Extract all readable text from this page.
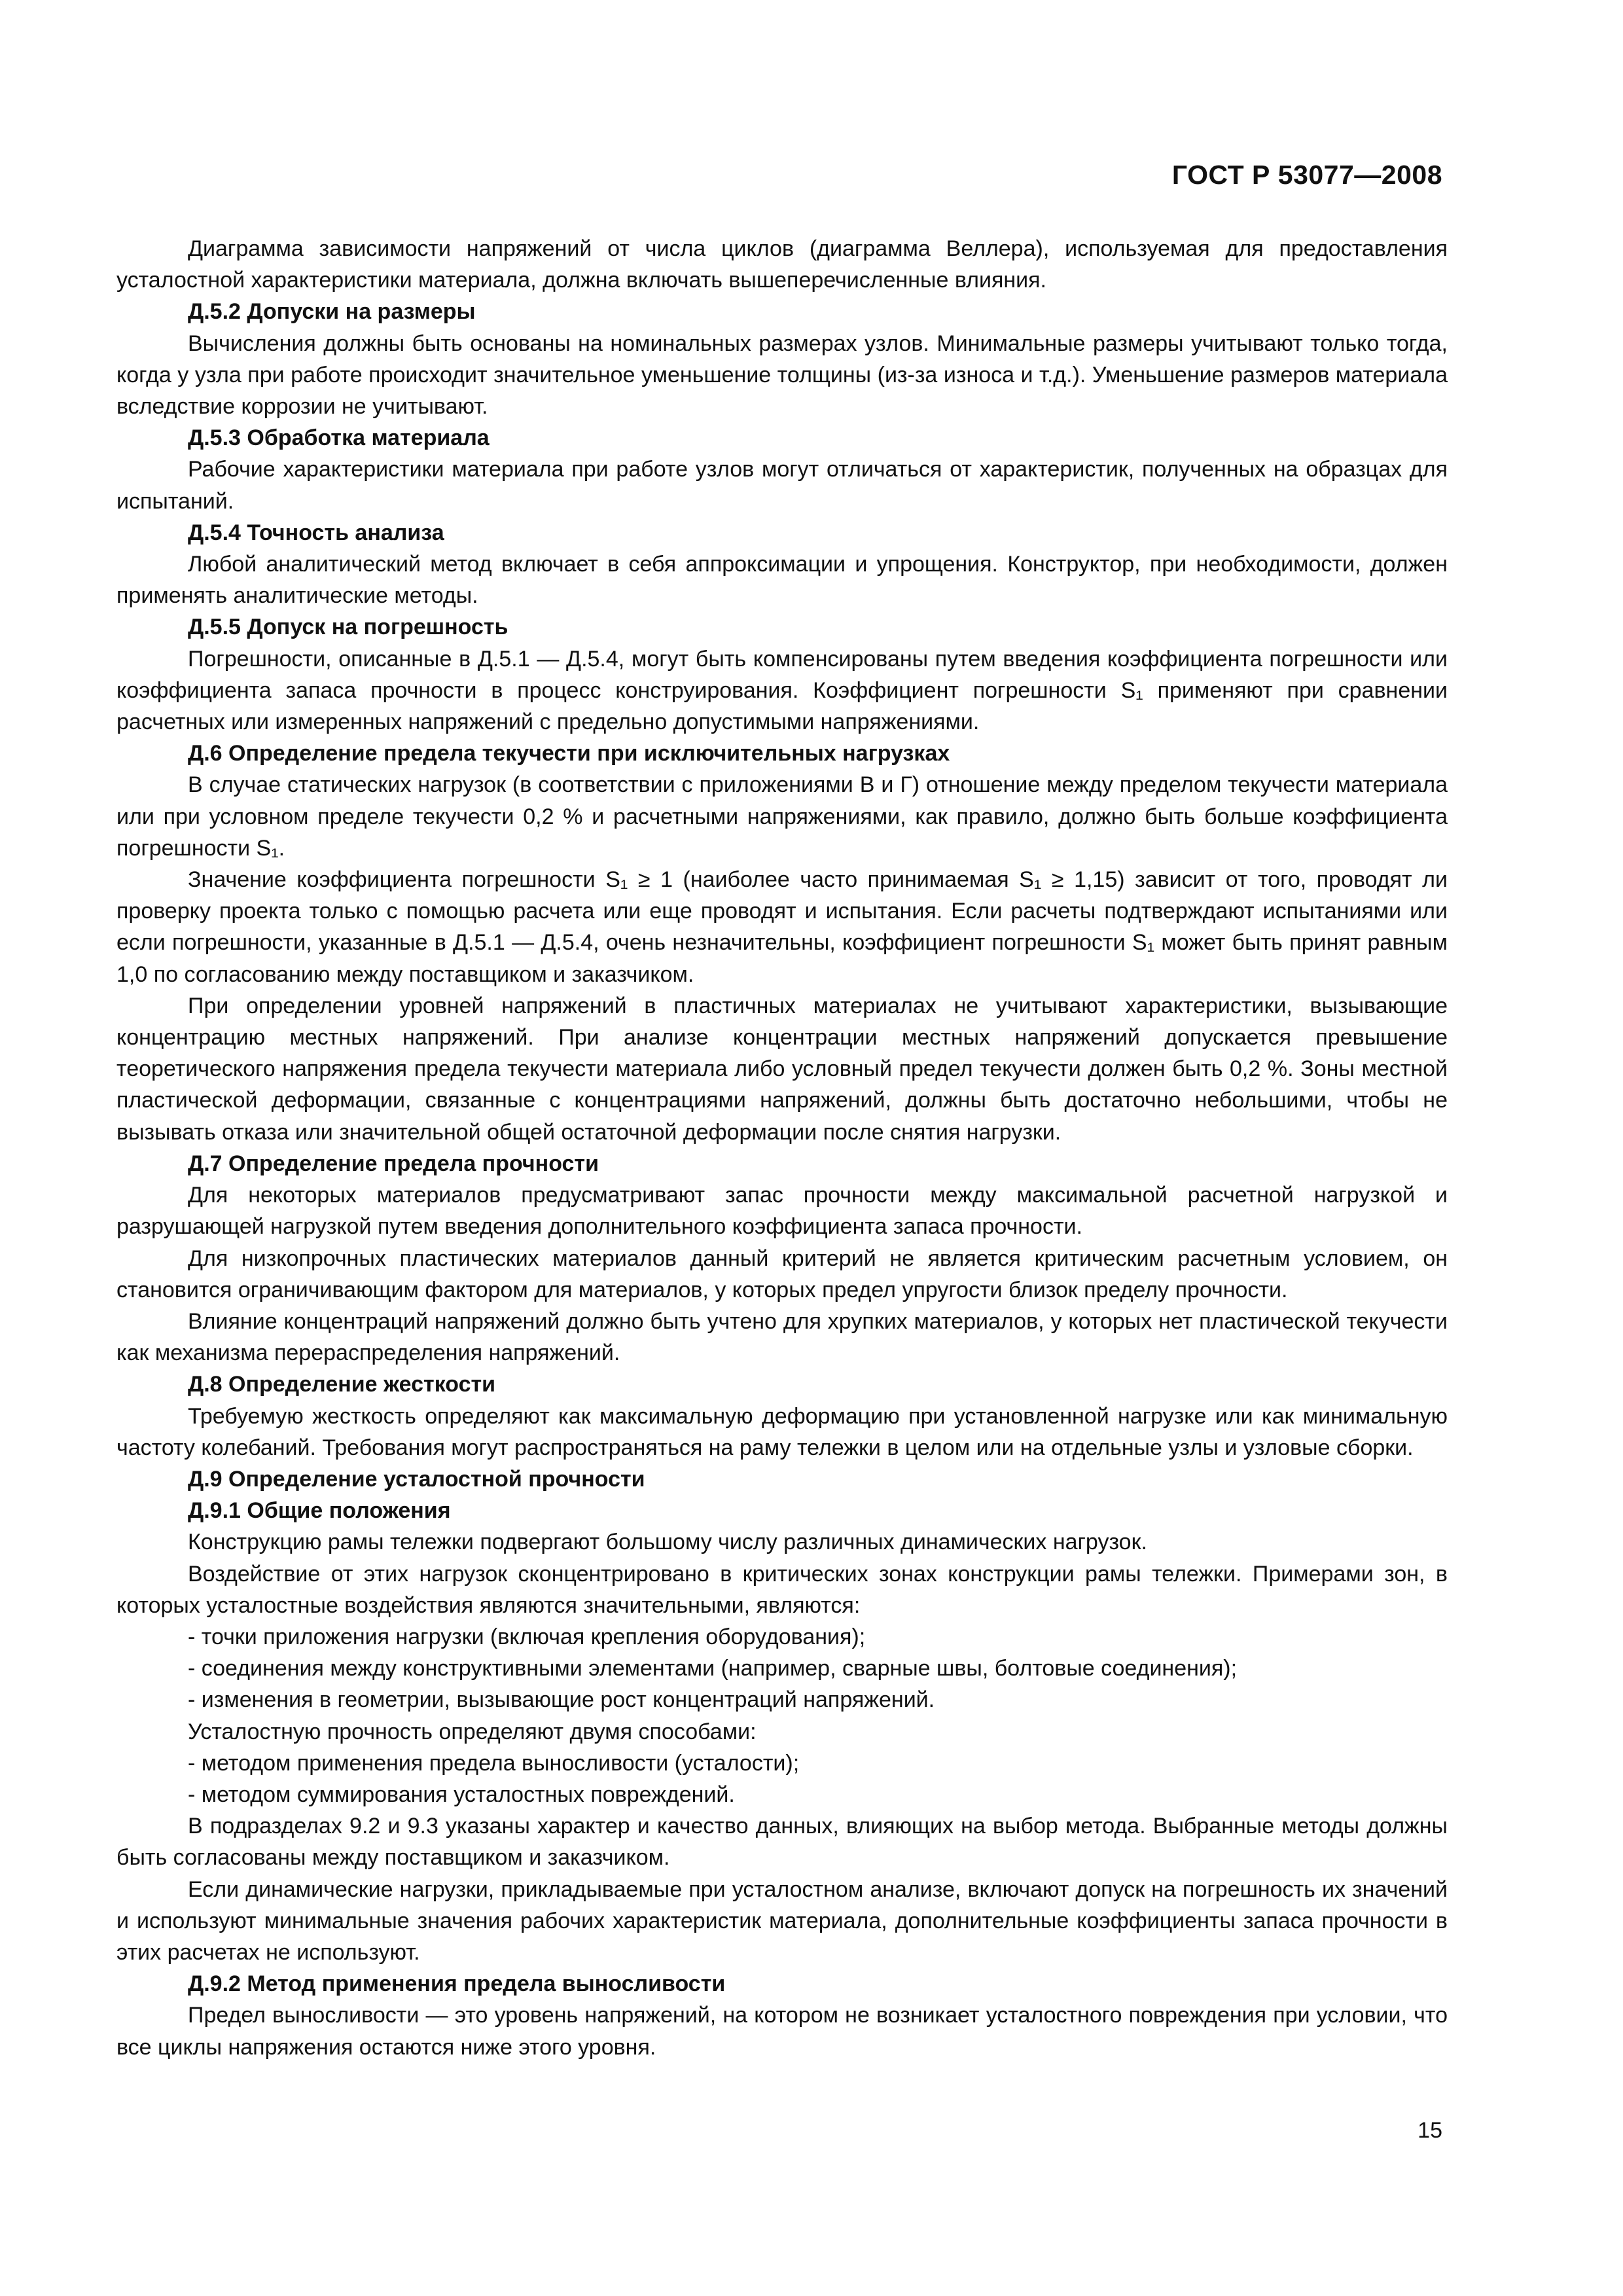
ГОСТ Р 53077—2008

Диаграмма зависимости напряжений от числа циклов (диаграмма Веллера), используемая для предоставления усталостной характеристики материала, должна включать вышеперечисленные влияния.

Д.5.2 Допуски на размеры

Вычисления должны быть основаны на номинальных размерах узлов. Минимальные размеры учитывают только тогда, когда у узла при работе происходит значительное уменьшение толщины (из-за износа и т.д.). Уменьшение размеров материала вследствие коррозии не учитывают.

Д.5.3 Обработка материала

Рабочие характеристики материала при работе узлов могут отличаться от характеристик, полученных на образцах для испытаний.

Д.5.4 Точность анализа

Любой аналитический метод включает в себя аппроксимации и упрощения. Конструктор, при необходимости, должен применять аналитические методы.

Д.5.5 Допуск на погрешность

Погрешности, описанные в Д.5.1 — Д.5.4, могут быть компенсированы путем введения коэффициента погрешности или коэффициента запаса прочности в процесс конструирования. Коэффициент погрешности S₁ применяют при сравнении расчетных или измеренных напряжений с предельно допустимыми напряжениями.

Д.6 Определение предела текучести при исключительных нагрузках

В случае статических нагрузок (в соответствии с приложениями В и Г) отношение между пределом текучести материала или при условном пределе текучести 0,2 % и расчетными напряжениями, как правило, должно быть больше коэффициента погрешности S₁.

Значение коэффициента погрешности S₁ ≥ 1 (наиболее часто принимаемая S₁ ≥ 1,15) зависит от того, проводят ли проверку проекта только с помощью расчета или еще проводят и испытания. Если расчеты подтверждают испытаниями или если погрешности, указанные в Д.5.1 — Д.5.4, очень незначительны, коэффициент погрешности S₁ может быть принят равным 1,0 по согласованию между поставщиком и заказчиком.

При определении уровней напряжений в пластичных материалах не учитывают характеристики, вызывающие концентрацию местных напряжений. При анализе концентрации местных напряжений допускается превышение теоретического напряжения предела текучести материала либо условный предел текучести должен быть 0,2 %. Зоны местной пластической деформации, связанные с концентрациями напряжений, должны быть достаточно небольшими, чтобы не вызывать отказа или значительной общей остаточной деформации после снятия нагрузки.

Д.7 Определение предела прочности

Для некоторых материалов предусматривают запас прочности между максимальной расчетной нагрузкой и разрушающей нагрузкой путем введения дополнительного коэффициента запаса прочности.

Для низкопрочных пластических материалов данный критерий не является критическим расчетным условием, он становится ограничивающим фактором для материалов, у которых предел упругости близок пределу прочности.

Влияние концентраций напряжений должно быть учтено для хрупких материалов, у которых нет пластической текучести как механизма перераспределения напряжений.

Д.8 Определение жесткости

Требуемую жесткость определяют как максимальную деформацию при установленной нагрузке или как минимальную частоту колебаний. Требования могут распространяться на раму тележки в целом или на отдельные узлы и узловые сборки.

Д.9 Определение усталостной прочности

Д.9.1 Общие положения

Конструкцию рамы тележки подвергают большому числу различных динамических нагрузок.

Воздействие от этих нагрузок сконцентрировано в критических зонах конструкции рамы тележки. Примерами зон, в которых усталостные воздействия являются значительными, являются:

- точки приложения нагрузки (включая крепления оборудования);

- соединения между конструктивными элементами (например, сварные швы, болтовые соединения);

- изменения в геометрии, вызывающие рост концентраций напряжений.

Усталостную прочность определяют двумя способами:

- методом применения предела выносливости (усталости);

- методом суммирования усталостных повреждений.

В подразделах 9.2 и 9.3 указаны характер и качество данных, влияющих на выбор метода. Выбранные методы должны быть согласованы между поставщиком и заказчиком.

Если динамические нагрузки, прикладываемые при усталостном анализе, включают допуск на погрешность их значений и используют минимальные значения рабочих характеристик материала, дополнительные коэффициенты запаса прочности в этих расчетах не используют.

Д.9.2 Метод применения предела выносливости

Предел выносливости — это уровень напряжений, на котором не возникает усталостного повреждения при условии, что все циклы напряжения остаются ниже этого уровня.

15
